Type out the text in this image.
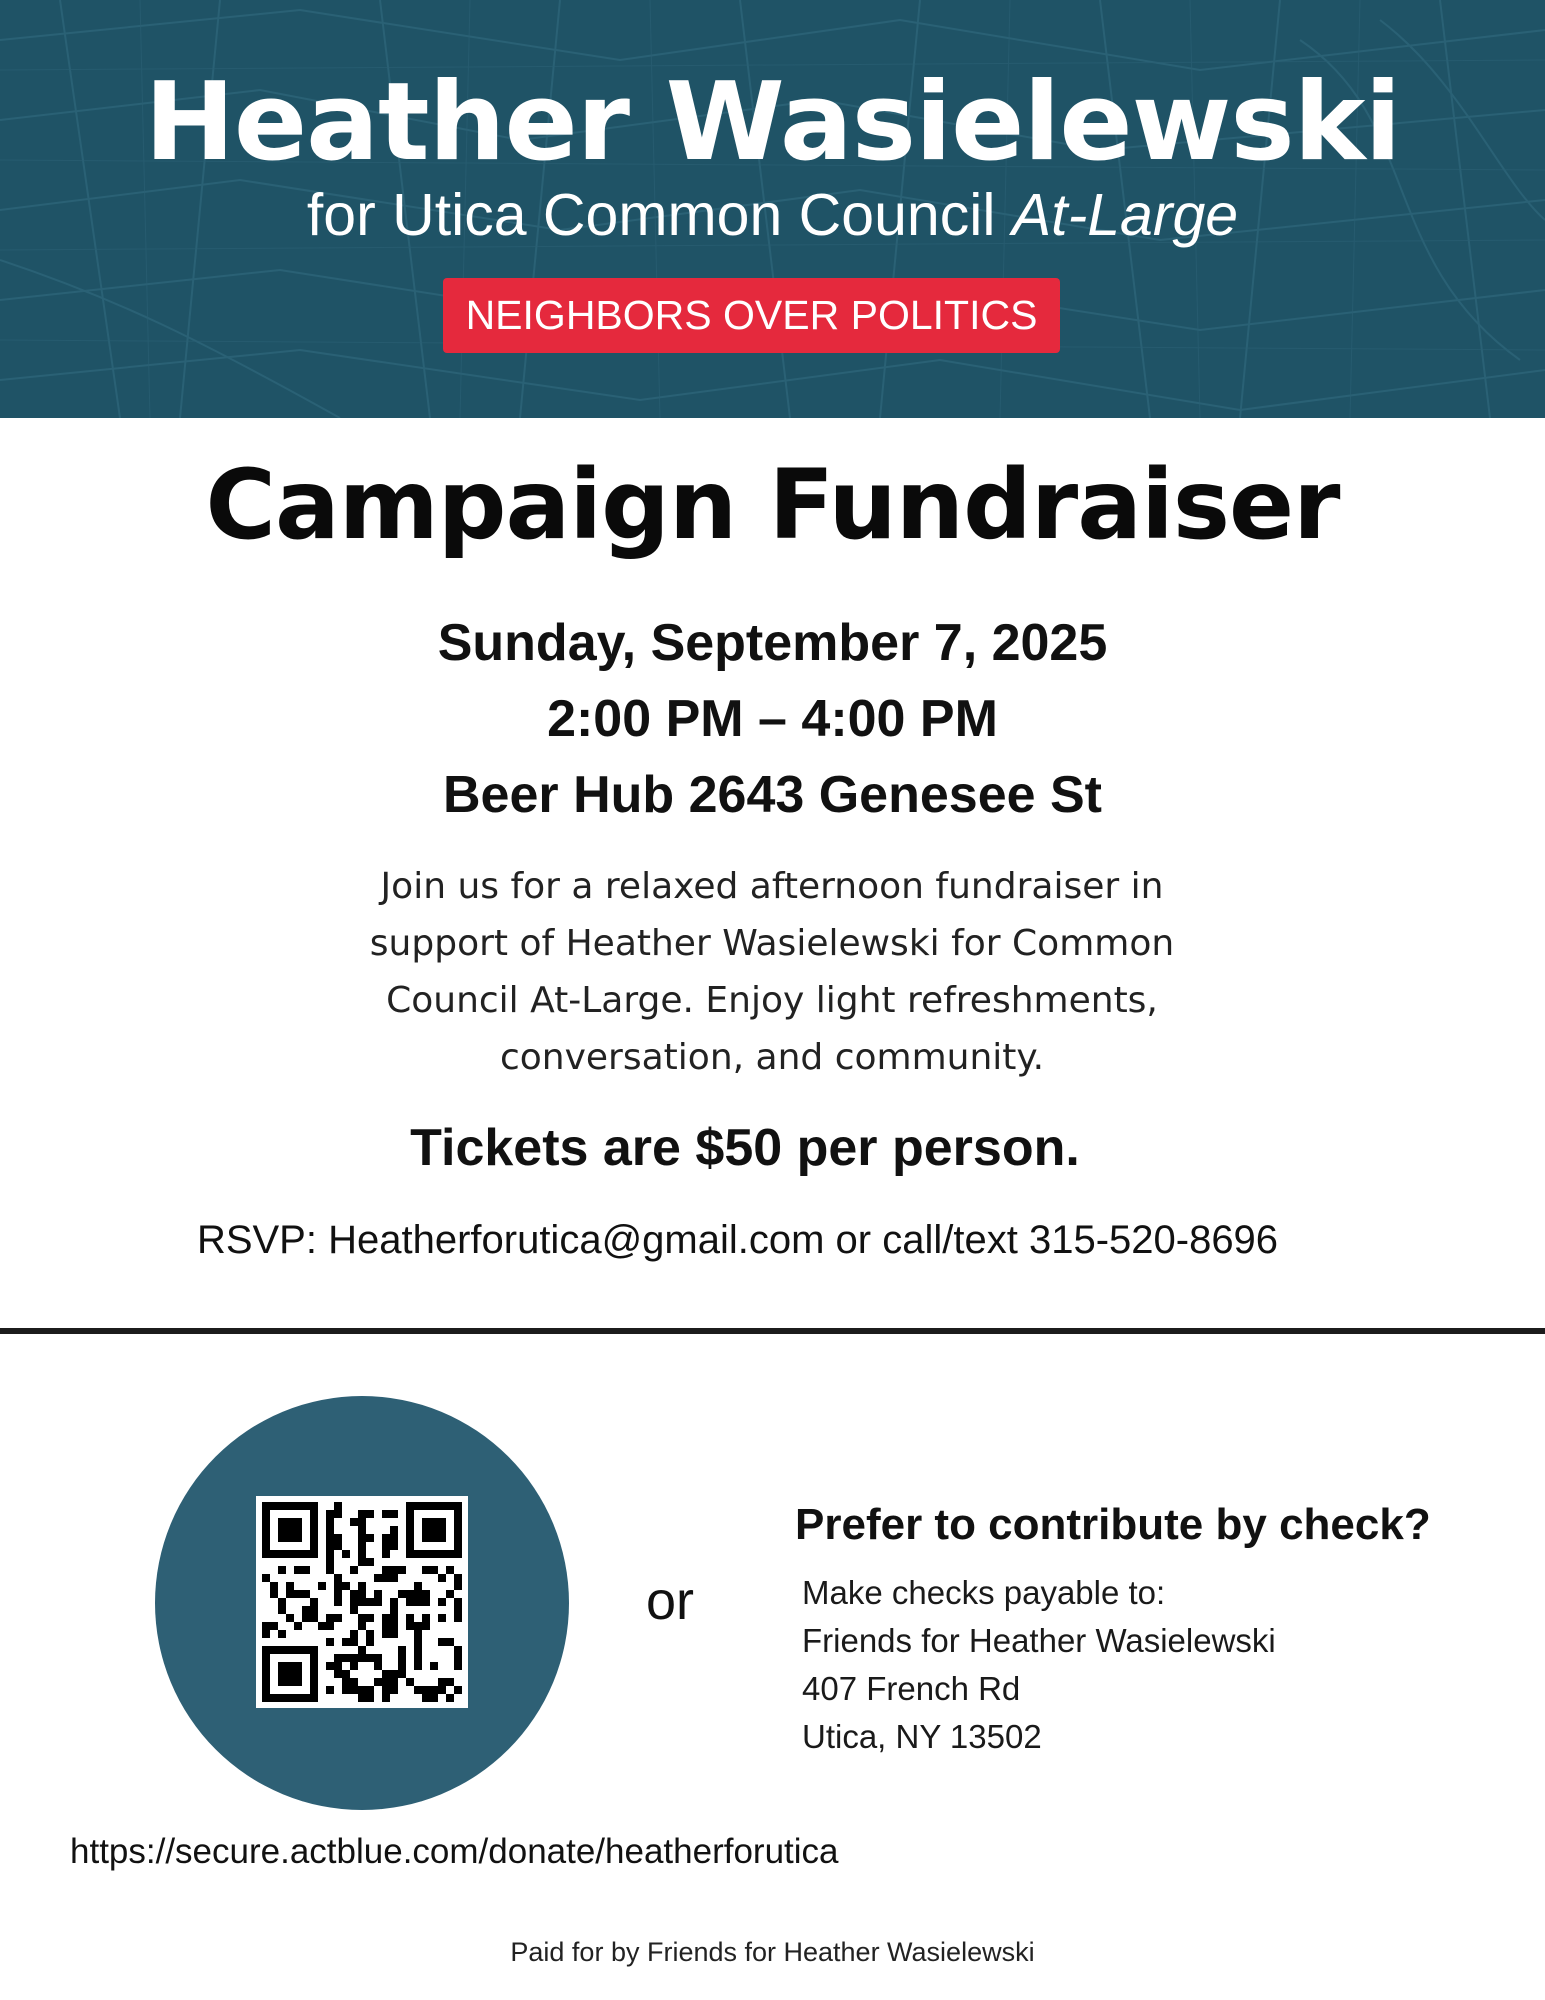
Heather Wasielewski
for Utica Common Council At-Large
NEIGHBORS OVER POLITICS
Campaign Fundraiser
Sunday, September 7, 2025
2:00 PM – 4:00 PM
Beer Hub 2643 Genesee St
Join us for a relaxed afternoon fundraiser in support of Heather Wasielewski for Common Council At-Large. Enjoy light refreshments, conversation, and community.
Tickets are $50 per person.
RSVP: Heatherforutica@gmail.com or call/text 315-520-8696
or
Prefer to contribute by check?
Make checks payable to:
Friends for Heather Wasielewski
407 French Rd
Utica, NY 13502
https://secure.actblue.com/donate/heatherforutica
Paid for by Friends for Heather Wasielewski
